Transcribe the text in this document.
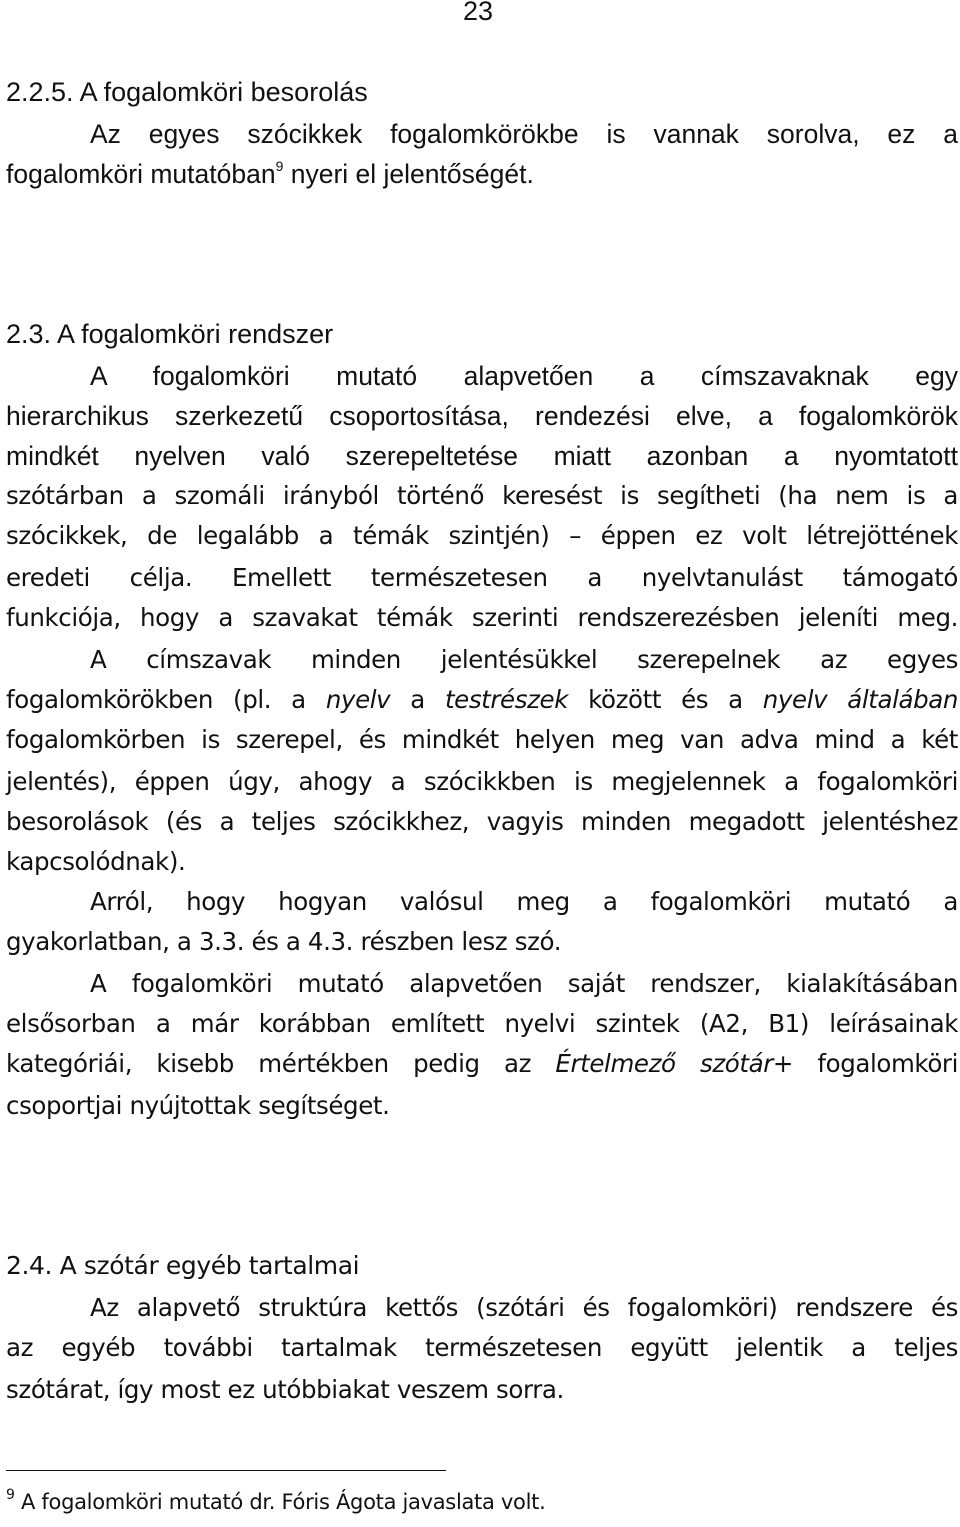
23
2.2.5. A fogalomköri besorolás
Az egyes szócikkek fogalomkörökbe is vannak sorolva, ez a
fogalomköri mutatóban$^9$ nyeri el jelentőségét.
2.3. A fogalomköri rendszer
A fogalomköri mutató alapvetően a címszavaknak egy
hierarchikus szerkezetű csoportosítása, rendezési elve, a fogalomkörök
mindkét nyelven való szerepeltetése miatt azonban a nyomtatott
szótárban a szomáli irányból történő keresést is segítheti (ha nem is a
szócikkek, de legalább a témák szintjén) – éppen ez volt létrejöttének
eredeti célja. Emellett természetesen a nyelvtanulást támogató
funkciója, hogy a szavakat témák szerinti rendszerezésben jeleníti meg.
A címszavak minden jelentésükkel szerepelnek az egyes
fogalomkörökben (pl. a nyelv a testrészek között és a nyelv általában
fogalomkörben is szerepel, és mindkét helyen meg van adva mind a két
jelentés), éppen úgy, ahogy a szócikkben is megjelennek a fogalomköri
besorolások (és a teljes szócikkhez, vagyis minden megadott jelentéshez
kapcsolódnak).
Arról, hogy hogyan valósul meg a fogalomköri mutató a
gyakorlatban, a 3.3. és a 4.3. részben lesz szó.
A fogalomköri mutató alapvetően saját rendszer, kialakításában
elsősorban a már korábban említett nyelvi szintek (A2, B1) leírásainak
kategóriái, kisebb mértékben pedig az Értelmező szótár+ fogalomköri
csoportjai nyújtottak segítséget.
2.4. A szótár egyéb tartalmai
Az alapvető struktúra kettős (szótári és fogalomköri) rendszere és
az egyéb további tartalmak természetesen együtt jelentik a teljes
szótárat, így most ez utóbbiakat veszem sorra.
$^9$ A fogalomköri mutató dr. Fóris Ágota javaslata volt.
